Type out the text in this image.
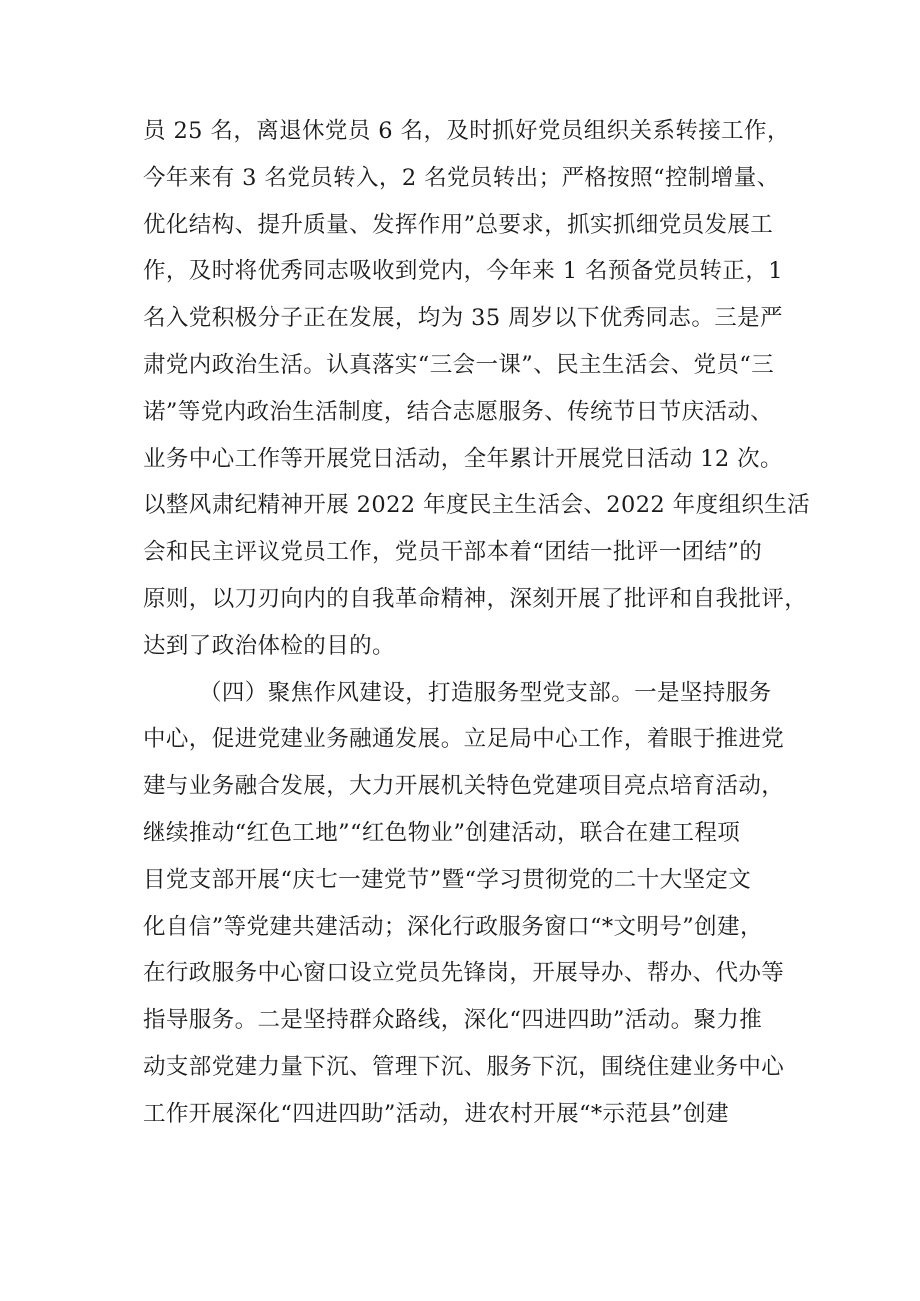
员 25 名，离退休党员 6 名，及时抓好党员组织关系转接工作，
今年来有 3 名党员转入，2 名党员转出；严格按照“控制增量、
优化结构、提升质量、发挥作用”总要求，抓实抓细党员发展工
作，及时将优秀同志吸收到党内，今年来 1 名预备党员转正，1
名入党积极分子正在发展，均为 35 周岁以下优秀同志。三是严
肃党内政治生活。认真落实“三会一课”、民主生活会、党员“三
诺”等党内政治生活制度，结合志愿服务、传统节日节庆活动、
业务中心工作等开展党日活动，全年累计开展党日活动 12 次。
以整风肃纪精神开展 2022 年度民主生活会、2022 年度组织生活
会和民主评议党员工作，党员干部本着“团结一批评一团结”的
原则，以刀刃向内的自我革命精神，深刻开展了批评和自我批评，
达到了政治体检的目的。
（四）聚焦作风建设，打造服务型党支部。一是坚持服务
中心，促进党建业务融通发展。立足局中心工作，着眼于推进党
建与业务融合发展，大力开展机关特色党建项目亮点培育活动，
继续推动“红色工地”“红色物业”创建活动，联合在建工程项
目党支部开展“庆七一建党节”暨“学习贯彻党的二十大坚定文
化自信”等党建共建活动；深化行政服务窗口“*文明号”创建，
在行政服务中心窗口设立党员先锋岗，开展导办、帮办、代办等
指导服务。二是坚持群众路线，深化“四进四助”活动。聚力推
动支部党建力量下沉、管理下沉、服务下沉，围绕住建业务中心
工作开展深化“四进四助”活动，进农村开展“*示范县”创建
